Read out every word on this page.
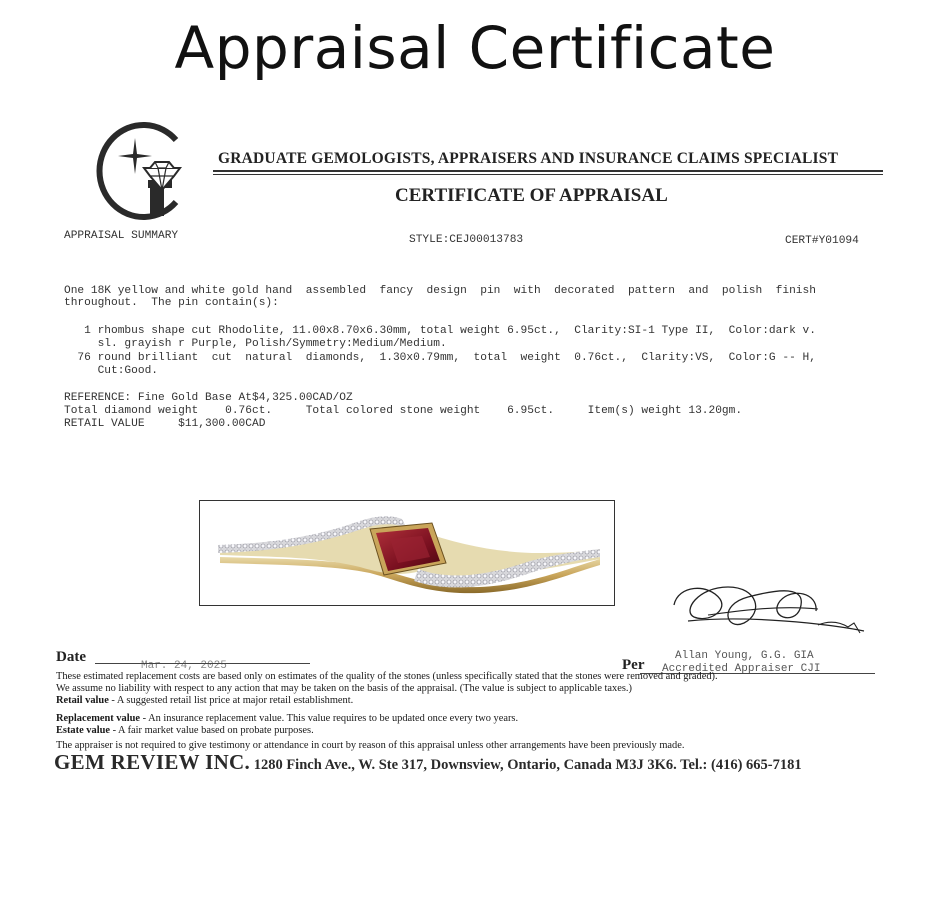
Appraisal Certificate
GRADUATE GEMOLOGISTS, APPRAISERS AND INSURANCE CLAIMS SPECIALIST
CERTIFICATE OF APPRAISAL
APPRAISAL SUMMARY	STYLE:CEJ00013783	CERT#Y01094
One 18K yellow and white gold hand  assembled  fancy  design  pin  with  decorated  pattern  and  polish  finish
throughout.  The pin contain(s):
1 rhombus shape cut Rhodolite, 11.00x8.70x6.30mm, total weight 6.95ct.,  Clarity:SI-1 Type II,  Color:dark v.
sl. grayish r Purple, Polish/Symmetry:Medium/Medium.
76 round brilliant  cut  natural  diamonds,  1.30x0.79mm,  total  weight  0.76ct.,  Clarity:VS,  Color:G -- H,
Cut:Good.
REFERENCE: Fine Gold Base At$4,325.00CAD/OZ
Total diamond weight    0.76ct.     Total colored stone weight    6.95ct.     Item(s) weight 13.20gm.
RETAIL VALUE     $11,300.00CAD
Date
Mar. 24, 2025	Per
Allan Young, G.G. GIA
Accredited Appraiser CJI
These estimated replacement costs are based only on estimates of the quality of the stones (unless specifically stated that the stones were removed and graded).
We assume no liability with respect to any action that may be taken on the basis of the appraisal. (The value is subject to applicable taxes.)
Retail value - A suggested retail list price at major retail establishment.
Replacement value - An insurance replacement value. This value requires to be updated once every two years.
Estate value - A fair market value based on probate purposes.
The appraiser is not required to give testimony or attendance in court by reason of this appraisal unless other arrangements have been previously made.
GEM REVIEW INC. 1280 Finch Ave., W. Ste 317, Downsview, Ontario, Canada M3J 3K6. Tel.: (416) 665-7181
